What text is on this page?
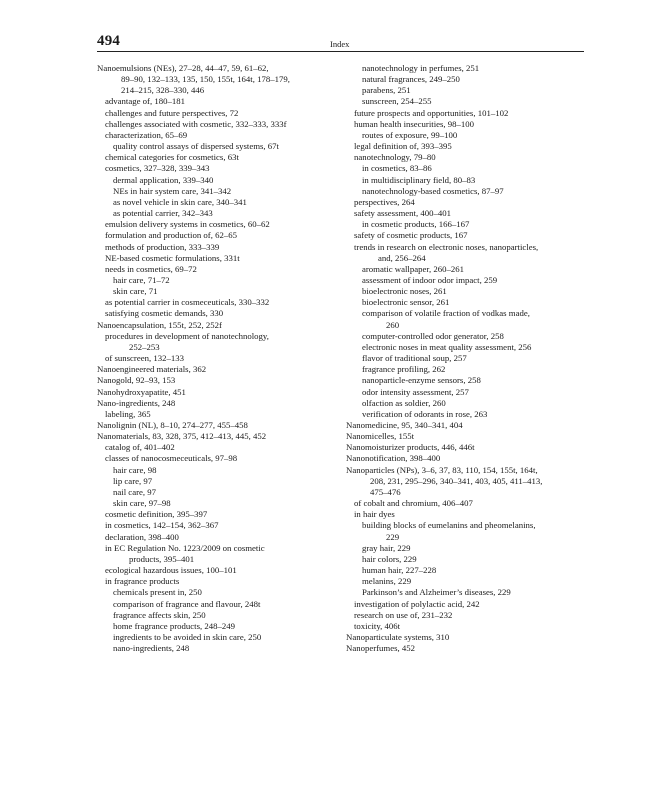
494	Index
Nanoemulsions (NEs), 27–28, 44–47, 59, 61–62,
89–90, 132–133, 135, 150, 155t, 164t, 178–179,
214–215, 328–330, 446
advantage of, 180–181
challenges and future perspectives, 72
challenges associated with cosmetic, 332–333, 333f
characterization, 65–69
quality control assays of dispersed systems, 67t
chemical categories for cosmetics, 63t
cosmetics, 327–328, 339–343
dermal application, 339–340
NEs in hair system care, 341–342
as novel vehicle in skin care, 340–341
as potential carrier, 342–343
emulsion delivery systems in cosmetics, 60–62
formulation and production of, 62–65
methods of production, 333–339
NE-based cosmetic formulations, 331t
needs in cosmetics, 69–72
hair care, 71–72
skin care, 71
as potential carrier in cosmeceuticals, 330–332
satisfying cosmetic demands, 330
Nanoencapsulation, 155t, 252, 252f
procedures in development of nanotechnology,
252–253
of sunscreen, 132–133
Nanoengineered materials, 362
Nanogold, 92–93, 153
Nanohydroxyapatite, 451
Nano-ingredients, 248
labeling, 365
Nanolignin (NL), 8–10, 274–277, 455–458
Nanomaterials, 83, 328, 375, 412–413, 445, 452
catalog of, 401–402
classes of nanocosmeceuticals, 97–98
hair care, 98
lip care, 97
nail care, 97
skin care, 97–98
cosmetic definition, 395–397
in cosmetics, 142–154, 362–367
declaration, 398–400
in EC Regulation No. 1223/2009 on cosmetic
products, 395–401
ecological hazardous issues, 100–101
in fragrance products
chemicals present in, 250
comparison of fragrance and flavour, 248t
fragrance affects skin, 250
home fragrance products, 248–249
ingredients to be avoided in skin care, 250
nano-ingredients, 248
nanotechnology in perfumes, 251
natural fragrances, 249–250
parabens, 251
sunscreen, 254–255
future prospects and opportunities, 101–102
human health insecurities, 98–100
routes of exposure, 99–100
legal definition of, 393–395
nanotechnology, 79–80
in cosmetics, 83–86
in multidisciplinary field, 80–83
nanotechnology-based cosmetics, 87–97
perspectives, 264
safety assessment, 400–401
in cosmetic products, 166–167
safety of cosmetic products, 167
trends in research on electronic noses, nanoparticles,
and, 256–264
aromatic wallpaper, 260–261
assessment of indoor odor impact, 259
bioelectronic noses, 261
bioelectronic sensor, 261
comparison of volatile fraction of vodkas made,
260
computer-controlled odor generator, 258
electronic noses in meat quality assessment, 256
flavor of traditional soup, 257
fragrance profiling, 262
nanoparticle-enzyme sensors, 258
odor intensity assessment, 257
olfaction as soldier, 260
verification of odorants in rose, 263
Nanomedicine, 95, 340–341, 404
Nanomicelles, 155t
Nanomoisturizer products, 446, 446t
Nanonotification, 398–400
Nanoparticles (NPs), 3–6, 37, 83, 110, 154, 155t, 164t,
208, 231, 295–296, 340–341, 403, 405, 411–413,
475–476
of cobalt and chromium, 406–407
in hair dyes
building blocks of eumelanins and pheomelanins,
229
gray hair, 229
hair colors, 229
human hair, 227–228
melanins, 229
Parkinson’s and Alzheimer’s diseases, 229
investigation of polylactic acid, 242
research on use of, 231–232
toxicity, 406t
Nanoparticulate systems, 310
Nanoperfumes, 452
